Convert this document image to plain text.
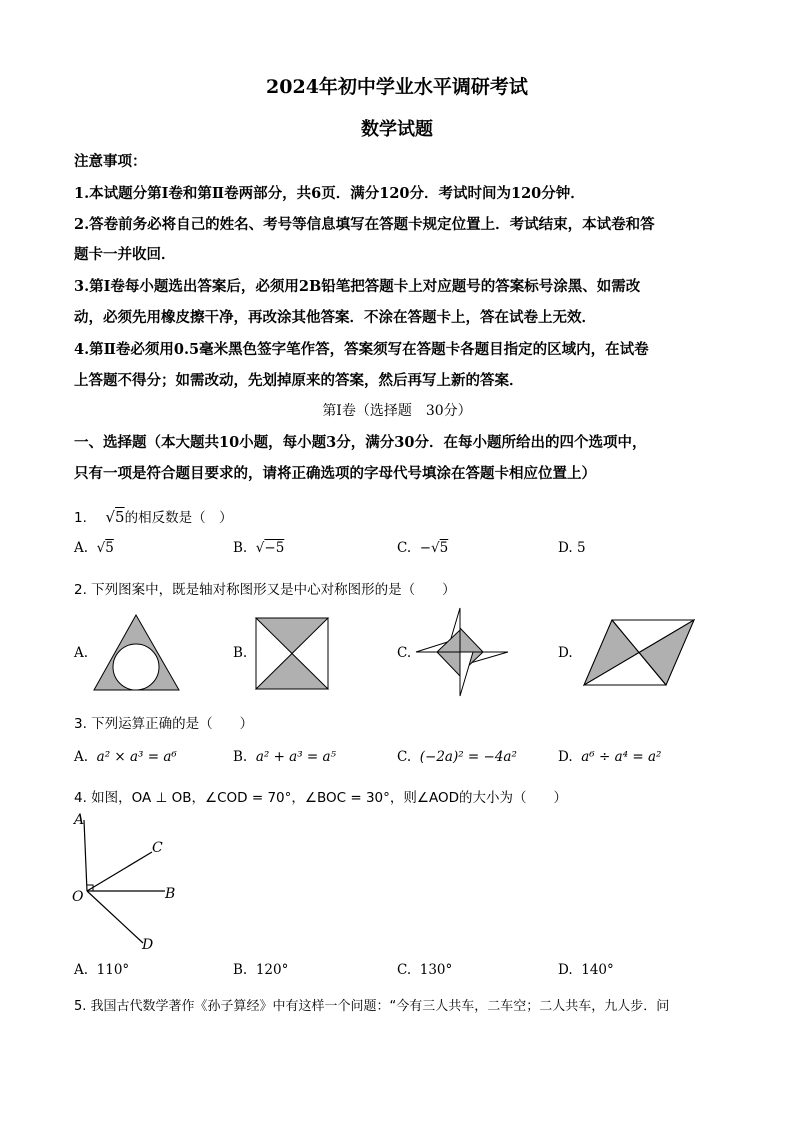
2024年初中学业水平调研考试
数学试题
注意事项：
1.本试题分第Ⅰ卷和第Ⅱ卷两部分，共6页．满分120分．考试时间为120分钟．
2.答卷前务必将自己的姓名、考号等信息填写在答题卡规定位置上．考试结束，本试卷和答
题卡一并收回．
3.第Ⅰ卷每小题选出答案后，必须用2B铅笔把答题卡上对应题号的答案标号涂黑、如需改
动，必须先用橡皮擦干净，再改涂其他答案．不涂在答题卡上，答在试卷上无效．
4.第Ⅱ卷必须用0.5毫米黑色签字笔作答，答案须写在答题卡各题目指定的区域内，在试卷
上答题不得分；如需改动，先划掉原来的答案，然后再写上新的答案．
第Ⅰ卷（选择题　30分）
一、选择题（本大题共10小题，每小题3分，满分30分．在每小题所给出的四个选项中，
只有一项是符合题目要求的，请将正确选项的字母代号填涂在答题卡相应位置上）
1. √5的相反数是（　）
A.  √5	B.  √−5	C. −√5	D. 5
2. 下列图案中，既是轴对称图形又是中心对称图形的是（　　）
A.	B.	C.	D.
3. 下列运算正确的是（　　）
A. a² × a³ = a⁶	B. a² + a³ = a⁵	C. (−2a)² = −4a²	D. a⁶ ÷ a⁴ = a²
4. 如图，OA ⊥ OB，∠COD = 70°，∠BOC = 30°，则∠AOD的大小为（　　）
A
C
B
O
D
A. 110°	B. 120°	C. 130°	D. 140°
5. 我国古代数学著作《孙子算经》中有这样一个问题：“今有三人共车，二车空；二人共车，九人步．问
